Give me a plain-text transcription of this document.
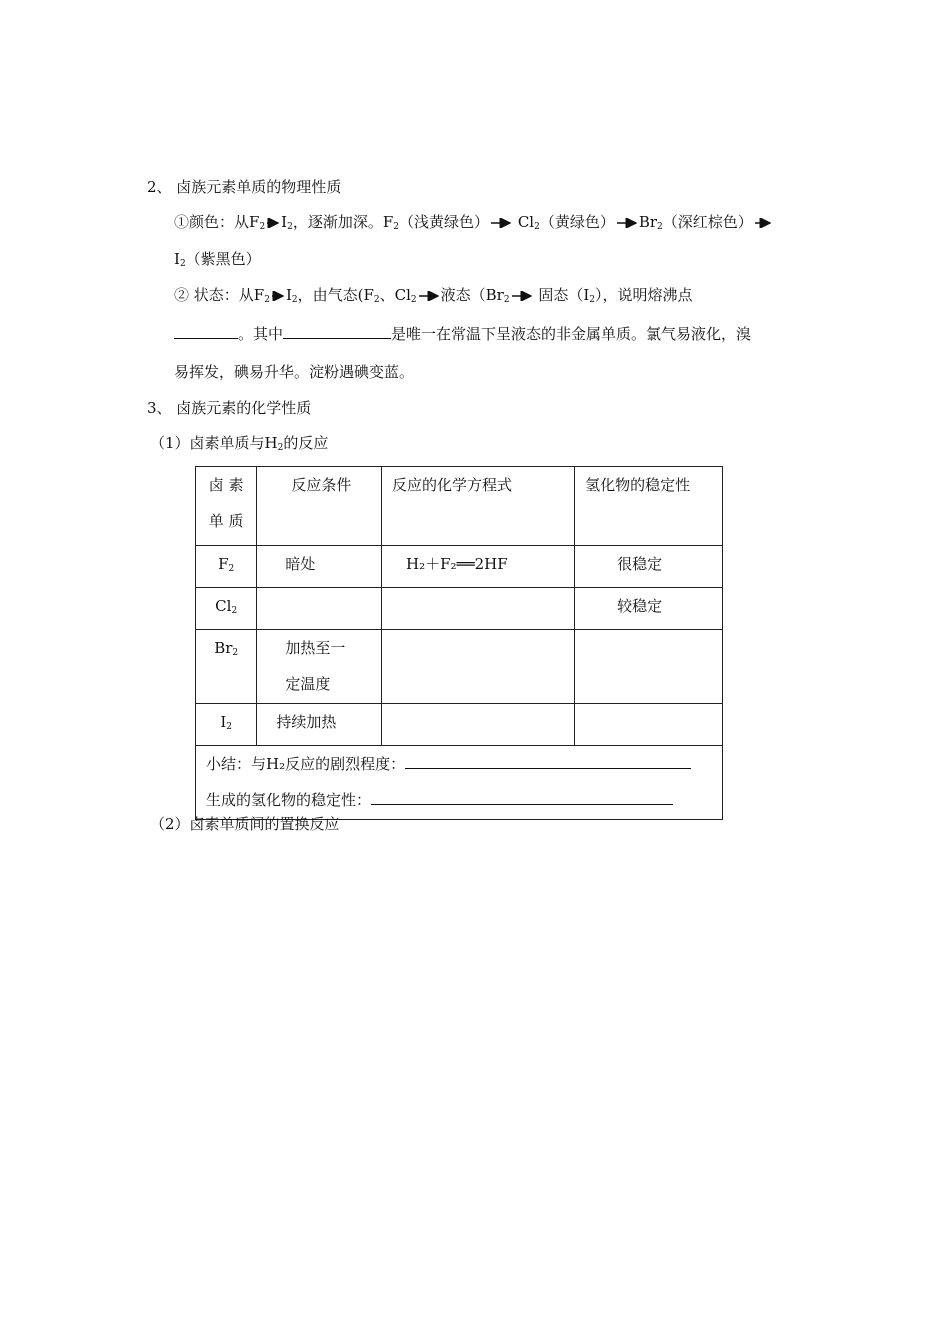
2、 卤族元素单质的物理性质
①颜色：从$F_2$ $I_2$，逐渐加深。$F_2$（浅黄绿色） $Cl_2$（黄绿色） $Br_2$（深红棕色）
$I_2$（紫黑色）
② 状态：从$F_2$ $I_2$，由气态($F_2$、$Cl_2$ 液态（$Br_2$ 固态$(I_2)$，说明熔沸点
。其中	是唯一在常温下呈液态的非金属单质。氯气易液化，溴
易挥发，碘易升华。淀粉遇碘变蓝。
3、 卤族元素的化学性质
（1）卤素单质与$H_2$的反应
卤 素
单 质	反应条件	反应的化学方程式	氢化物的稳定性
$F_2$	暗处	H₂＋F₂══2HF	很稳定
$Cl_2$			较稳定
$Br_2$	加热至一
定温度		

$I_2$	持续加热		

小结：与H₂反应的剧烈程度：
生成的氢化物的稳定性：			
（2）卤素单质间的置换反应
